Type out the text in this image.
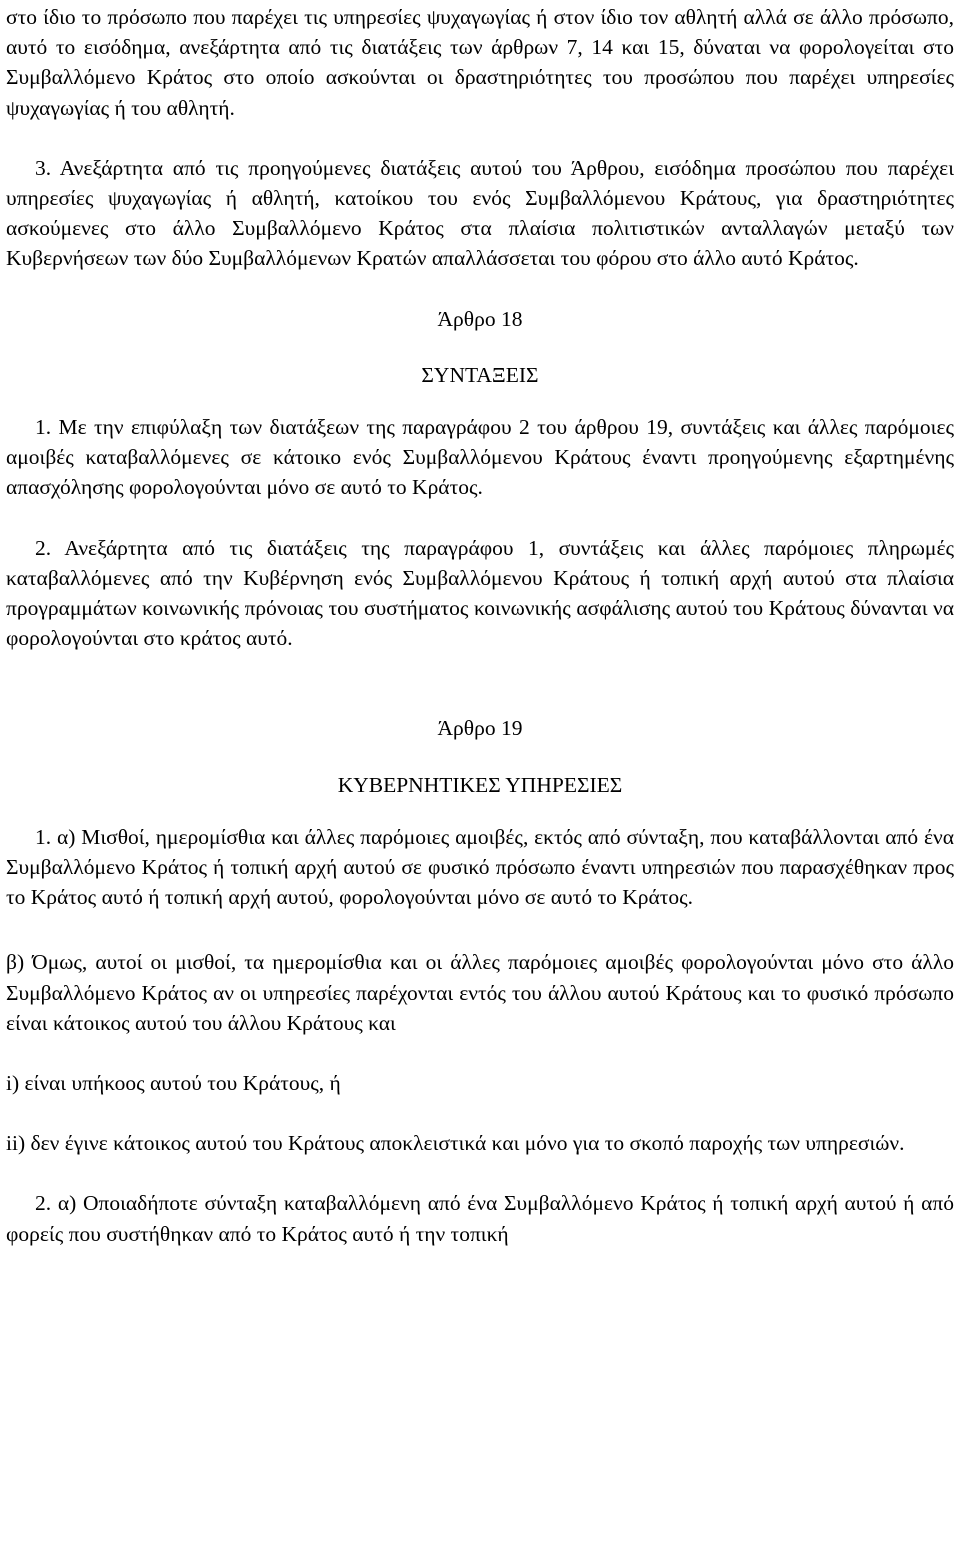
στο ίδιο το πρόσωπο που παρέχει τις υπηρεσίες ψυχαγωγίας ή στον ίδιο τον αθλητή αλλά σε άλλο πρόσωπο, αυτό το εισόδημα, ανεξάρτητα από τις διατάξεις των άρθρων 7, 14 και 15, δύναται να φορολογείται στο Συμβαλλόμενο Κράτος στο οποίο ασκούνται οι δραστηριότητες του προσώπου που παρέχει υπηρεσίες ψυχαγωγίας ή του αθλητή.

3. Ανεξάρτητα από τις προηγούμενες διατάξεις αυτού του Άρθρου, εισόδημα προσώπου που παρέχει υπηρεσίες ψυχαγωγίας ή αθλητή, κατοίκου του ενός Συμβαλλόμενου Κράτους, για δραστηριότητες ασκούμενες στο άλλο Συμβαλλόμενο Κράτος στα πλαίσια πολιτιστικών ανταλλαγών μεταξύ των Κυβερνήσεων των δύο Συμβαλλόμενων Κρατών απαλλάσσεται του φόρου στο άλλο αυτό Κράτος.

Άρθρο 18

ΣΥΝΤΑΞΕΙΣ

1. Με την επιφύλαξη των διατάξεων της παραγράφου 2 του άρθρου 19, συντάξεις και άλλες παρόμοιες αμοιβές καταβαλλόμενες σε κάτοικο ενός Συμβαλλόμενου Κράτους έναντι προηγούμενης εξαρτημένης απασχόλησης φορολογούνται μόνο σε αυτό το Κράτος.

2. Ανεξάρτητα από τις διατάξεις της παραγράφου 1, συντάξεις και άλλες παρόμοιες πληρωμές καταβαλλόμενες από την Κυβέρνηση ενός Συμβαλλόμενου Κράτους ή τοπική αρχή αυτού στα πλαίσια προγραμμάτων κοινωνικής πρόνοιας του συστήματος κοινωνικής ασφάλισης αυτού του Κράτους δύνανται να φορολογούνται στο κράτος αυτό.

Άρθρο 19

ΚΥΒΕΡΝΗΤΙΚΕΣ ΥΠΗΡΕΣΙΕΣ

1. α) Μισθοί, ημερομίσθια και άλλες παρόμοιες αμοιβές, εκτός από σύνταξη, που καταβάλλονται από ένα Συμβαλλόμενο Κράτος ή τοπική αρχή αυτού σε φυσικό πρόσωπο έναντι υπηρεσιών που παρασχέθηκαν προς το Κράτος αυτό ή τοπική αρχή αυτού, φορολογούνται μόνο σε αυτό το Κράτος.

β) Όμως, αυτοί οι μισθοί, τα ημερομίσθια και οι άλλες παρόμοιες αμοιβές φορολογούνται μόνο στο άλλο Συμβαλλόμενο Κράτος αν οι υπηρεσίες παρέχονται εντός του άλλου αυτού Κράτους και το φυσικό πρόσωπο είναι κάτοικος αυτού του άλλου Κράτους και

i) είναι υπήκοος αυτού του Κράτους, ή

ii) δεν έγινε κάτοικος αυτού του Κράτους αποκλειστικά και μόνο για το σκοπό παροχής των υπηρεσιών.

2. α) Οποιαδήποτε σύνταξη καταβαλλόμενη από ένα Συμβαλλόμενο Κράτος ή τοπική αρχή αυτού ή από φορείς που συστήθηκαν από το Κράτος αυτό ή την τοπική
